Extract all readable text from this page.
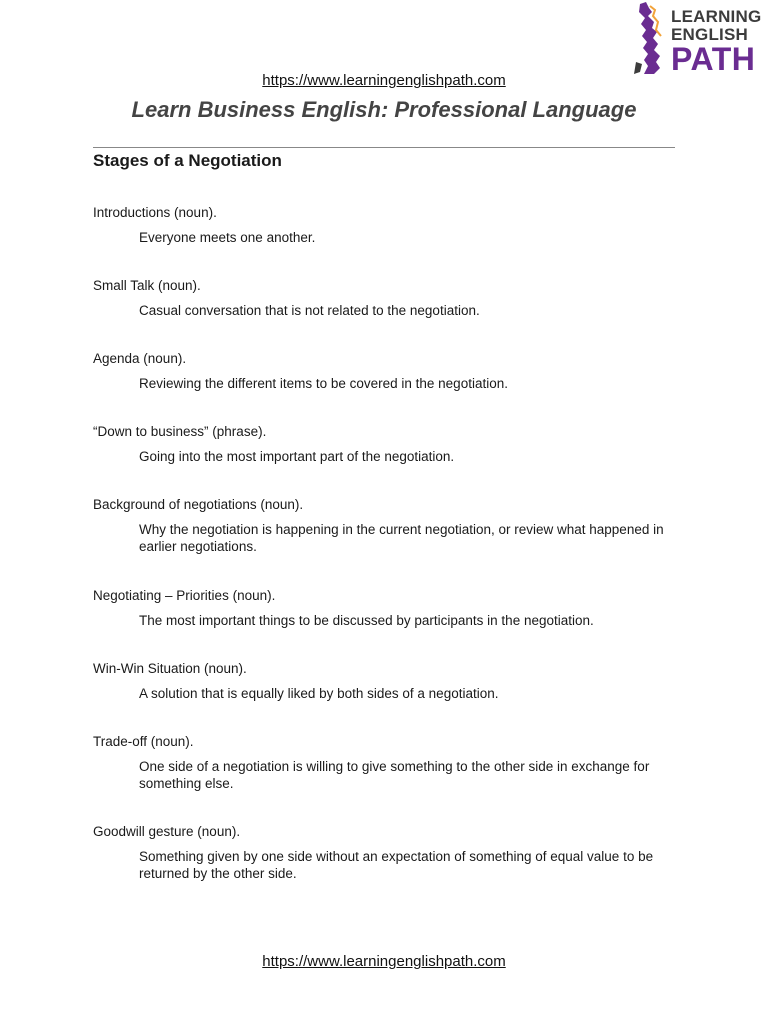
LEARNING
ENGLISH
PATH
https://www.learningenglishpath.com
Learn Business English: Professional Language
Stages of a Negotiation
Introductions (noun).
Everyone meets one another.
Small Talk (noun).
Casual conversation that is not related to the negotiation.
Agenda (noun).
Reviewing the different items to be covered in the negotiation.
“Down to business” (phrase).
Going into the most important part of the negotiation.
Background of negotiations (noun).
Why the negotiation is happening in the current negotiation, or review what happened in earlier negotiations.
Negotiating – Priorities (noun).
The most important things to be discussed by participants in the negotiation.
Win-Win Situation (noun).
A solution that is equally liked by both sides of a negotiation.
Trade-off (noun).
One side of a negotiation is willing to give something to the other side in exchange for something else.
Goodwill gesture (noun).
Something given by one side without an expectation of something of equal value to be returned by the other side.
https://www.learningenglishpath.com
